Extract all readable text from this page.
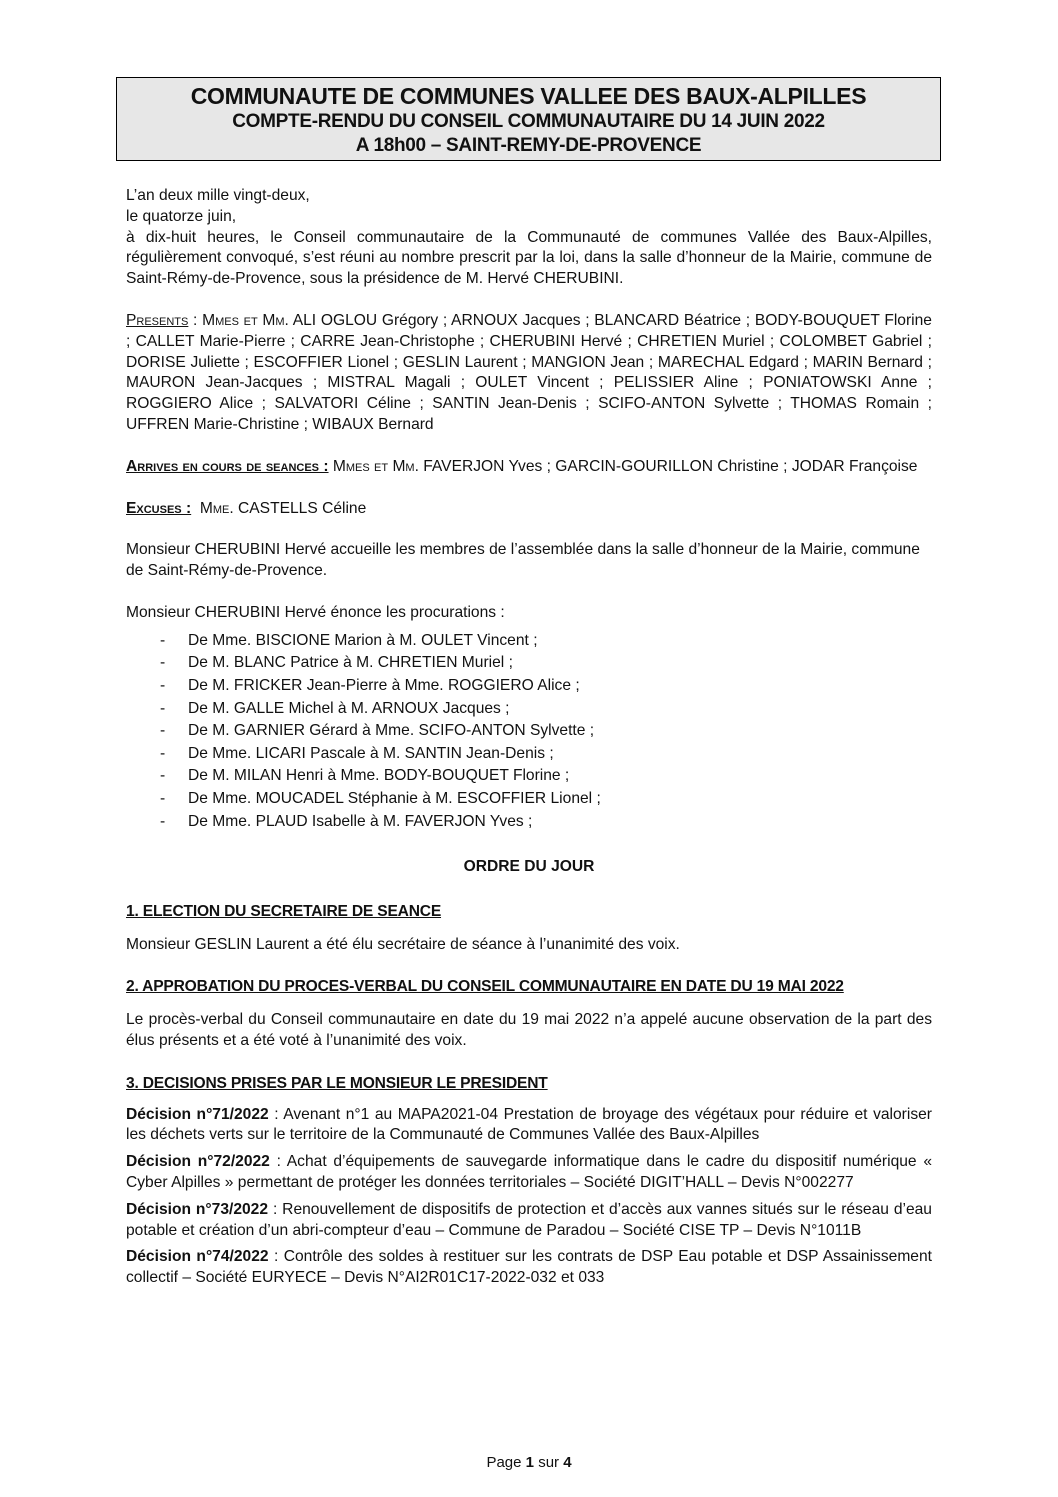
COMMUNAUTE DE COMMUNES VALLEE DES BAUX-ALPILLES
COMPTE-RENDU DU CONSEIL COMMUNAUTAIRE DU 14 JUIN 2022
A 18h00 – SAINT-REMY-DE-PROVENCE

L’an deux mille vingt-deux,

le quatorze juin,

à dix-huit heures, le Conseil communautaire de la Communauté de communes Vallée des Baux-Alpilles, régulièrement convoqué, s’est réuni au nombre prescrit par la loi, dans la salle d’honneur de la Mairie, commune de Saint-Rémy-de-Provence, sous la présidence de M. Hervé CHERUBINI.

Presents : Mmes et Mm. ALI OGLOU Grégory ; ARNOUX Jacques ; BLANCARD Béatrice ; BODY-BOUQUET Florine ; CALLET Marie-Pierre ; CARRE Jean-Christophe ; CHERUBINI Hervé ; CHRETIEN Muriel ; COLOMBET Gabriel ; DORISE Juliette ; ESCOFFIER Lionel ; GESLIN Laurent ; MANGION Jean ; MARECHAL Edgard ; MARIN Bernard ; MAURON Jean-Jacques ; MISTRAL Magali ; OULET Vincent ; PELISSIER Aline ; PONIATOWSKI Anne ; ROGGIERO Alice ; SALVATORI Céline ; SANTIN Jean-Denis ; SCIFO-ANTON Sylvette ; THOMAS Romain ; UFFREN Marie-Christine ; WIBAUX Bernard

Arrives en cours de seances : Mmes et Mm. FAVERJON Yves ; GARCIN-GOURILLON Christine ; JODAR Françoise

Excuses : Mme. CASTELLS Céline

Monsieur CHERUBINI Hervé accueille les membres de l’assemblée dans la salle d’honneur de la Mairie, commune de Saint-Rémy-de-Provence.

Monsieur CHERUBINI Hervé énonce les procurations :

- De Mme. BISCIONE Marion à M. OULET Vincent ;
- De M. BLANC Patrice à M. CHRETIEN Muriel ;
- De M. FRICKER Jean-Pierre à Mme. ROGGIERO Alice ;
- De M. GALLE Michel à M. ARNOUX Jacques ;
- De M. GARNIER Gérard à Mme. SCIFO-ANTON Sylvette ;
- De Mme. LICARI Pascale à M. SANTIN Jean-Denis ;
- De M. MILAN Henri à Mme. BODY-BOUQUET Florine ;
- De Mme. MOUCADEL Stéphanie à M. ESCOFFIER Lionel ;
- De Mme. PLAUD Isabelle à M. FAVERJON Yves ;

ORDRE DU JOUR

1. ELECTION DU SECRETAIRE DE SEANCE

Monsieur GESLIN Laurent a été élu secrétaire de séance à l’unanimité des voix.

2. APPROBATION DU PROCES-VERBAL DU CONSEIL COMMUNAUTAIRE EN DATE DU 19 MAI 2022

Le procès-verbal du Conseil communautaire en date du 19 mai 2022 n’a appelé aucune observation de la part des élus présents et a été voté à l’unanimité des voix.

3. DECISIONS PRISES PAR LE MONSIEUR LE PRESIDENT

Décision n°71/2022 : Avenant n°1 au MAPA2021-04 Prestation de broyage des végétaux pour réduire et valoriser les déchets verts sur le territoire de la Communauté de Communes Vallée des Baux-Alpilles

Décision n°72/2022 : Achat d’équipements de sauvegarde informatique dans le cadre du dispositif numérique « Cyber Alpilles » permettant de protéger les données territoriales – Société DIGIT’HALL – Devis N°002277

Décision n°73/2022 : Renouvellement de dispositifs de protection et d’accès aux vannes situés sur le réseau d’eau potable et création d’un abri-compteur d’eau – Commune de Paradou – Société CISE TP – Devis N°1011B

Décision n°74/2022 : Contrôle des soldes à restituer sur les contrats de DSP Eau potable et DSP Assainissement collectif – Société EURYECE – Devis N°AI2R01C17-2022-032 et 033

Page 1 sur 4
